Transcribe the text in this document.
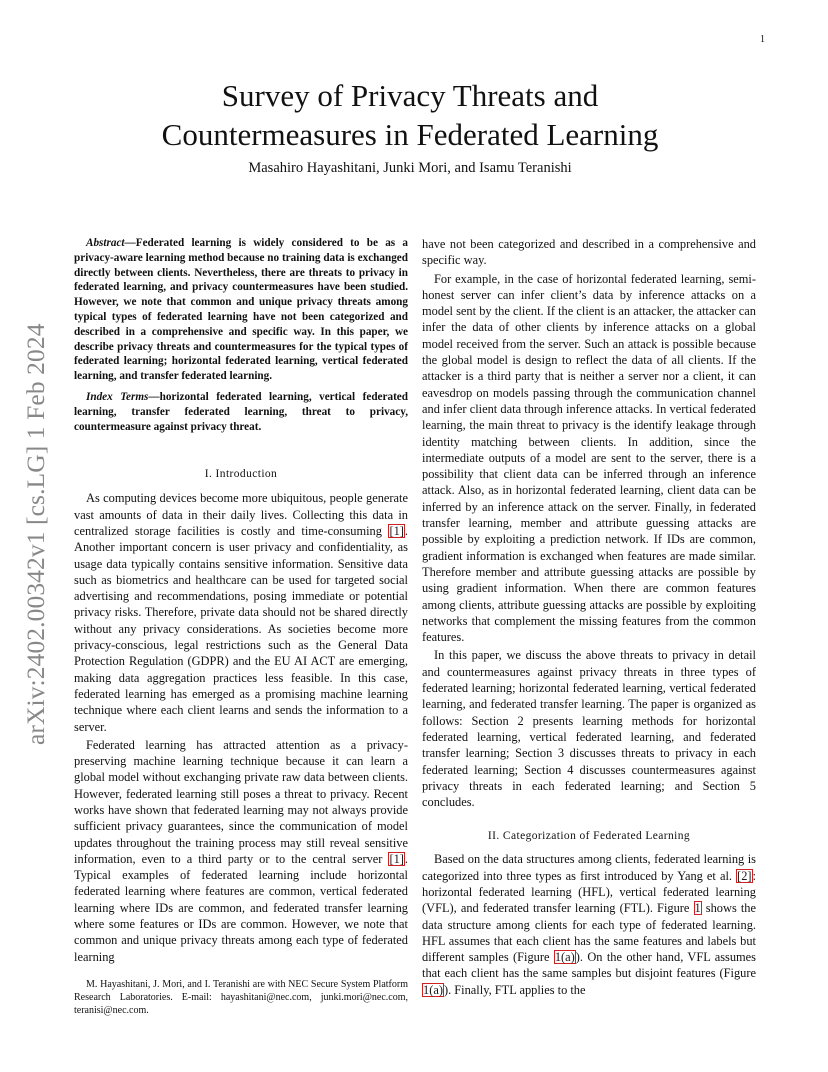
1
arXiv:2402.00342v1 [cs.LG] 1 Feb 2024
Survey of Privacy Threats and
Countermeasures in Federated Learning
Masahiro Hayashitani, Junki Mori, and Isamu Teranishi

Abstract—Federated learning is widely considered to be as a privacy-aware learning method because no training data is exchanged directly between clients. Nevertheless, there are threats to privacy in federated learning, and privacy countermeasures have been studied. However, we note that common and unique privacy threats among typical types of federated learning have not been categorized and described in a comprehensive and specific way. In this paper, we describe privacy threats and countermeasures for the typical types of federated learning; horizontal federated learning, vertical federated learning, and transfer federated learning.

Index Terms—horizontal federated learning, vertical federated learning, transfer federated learning, threat to privacy, countermeasure against privacy threat.

I. Introduction

As computing devices become more ubiquitous, people generate vast amounts of data in their daily lives. Collecting this data in centralized storage facilities is costly and time-consuming [1]. Another important concern is user privacy and confidentiality, as usage data typically contains sensitive information. Sensitive data such as biometrics and healthcare can be used for targeted social advertising and recommendations, posing immediate or potential privacy risks. Therefore, private data should not be shared directly without any privacy considerations. As societies become more privacy-conscious, legal restrictions such as the General Data Protection Regulation (GDPR) and the EU AI ACT are emerging, making data aggregation practices less feasible. In this case, federated learning has emerged as a promising machine learning technique where each client learns and sends the information to a server.

Federated learning has attracted attention as a privacy-preserving machine learning technique because it can learn a global model without exchanging private raw data between clients. However, federated learning still poses a threat to privacy. Recent works have shown that federated learning may not always provide sufficient privacy guarantees, since the communication of model updates throughout the training process may still reveal sensitive information, even to a third party or to the central server [1]. Typical examples of federated learning include horizontal federated learning where features are common, vertical federated learning where IDs are common, and federated transfer learning where some features or IDs are common. However, we note that common and unique privacy threats among each type of federated learning

have not been categorized and described in a comprehensive and specific way.

For example, in the case of horizontal federated learning, semi-honest server can infer client’s data by inference attacks on a model sent by the client. If the client is an attacker, the attacker can infer the data of other clients by inference attacks on a global model received from the server. Such an attack is possible because the global model is design to reflect the data of all clients. If the attacker is a third party that is neither a server nor a client, it can eavesdrop on models passing through the communication channel and infer client data through inference attacks. In vertical federated learning, the main threat to privacy is the identify leakage through identity matching between clients. In addition, since the intermediate outputs of a model are sent to the server, there is a possibility that client data can be inferred through an inference attack. Also, as in horizontal federated learning, client data can be inferred by an inference attack on the server. Finally, in federated transfer learning, member and attribute guessing attacks are possible by exploiting a prediction network. If IDs are common, gradient information is exchanged when features are made similar. Therefore member and attribute guessing attacks are possible by using gradient information. When there are common features among clients, attribute guessing attacks are possible by exploiting networks that complement the missing features from the common features.

In this paper, we discuss the above threats to privacy in detail and countermeasures against privacy threats in three types of federated learning; horizontal federated learning, vertical federated learning, and federated transfer learning. The paper is organized as follows: Section 2 presents learning methods for horizontal federated learning, vertical federated learning, and federated transfer learning; Section 3 discusses threats to privacy in each federated learning; Section 4 discusses countermeasures against privacy threats in each federated learning; and Section 5 concludes.

II. Categorization of Federated Learning

Based on the data structures among clients, federated learning is categorized into three types as first introduced by Yang et al. [2]: horizontal federated learning (HFL), vertical federated learning (VFL), and federated transfer learning (FTL). Figure 1 shows the data structure among clients for each type of federated learning. HFL assumes that each client has the same features and labels but different samples (Figure 1(a)). On the other hand, VFL assumes that each client has the same samples but disjoint features (Figure 1(a)). Finally, FTL applies to the

M. Hayashitani, J. Mori, and I. Teranishi are with NEC Secure System Platform Research Laboratories. E-mail: hayashitani@nec.com, junki.mori@nec.com, teranisi@nec.com.
